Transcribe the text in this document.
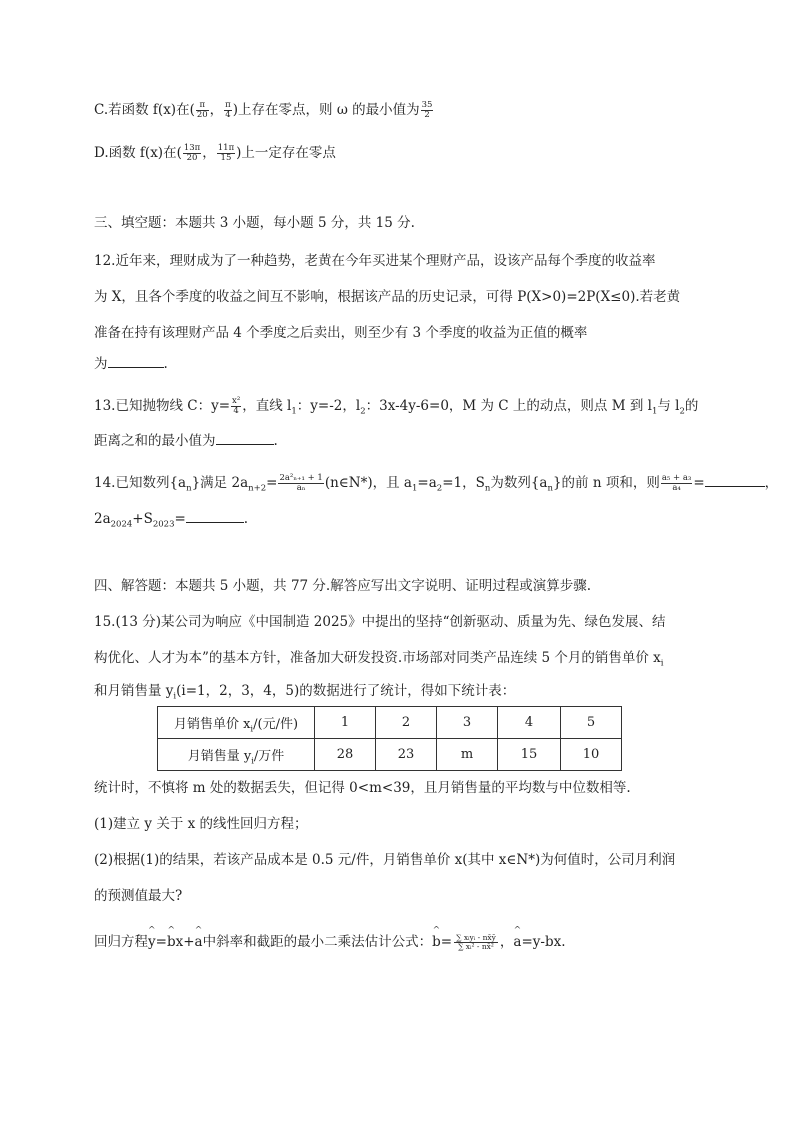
C.若函数 f(x)在( $\frac{\pi}{20}$ ， $\frac{\pi}{4}$ )上存在零点，则 ω 的最小值为 $\frac{35}{2}$
D.函数 f(x)在( $\frac{13\pi}{20}$ ， $\frac{11\pi}{15}$ )上一定存在零点
三、填空题：本题共 3 小题，每小题 5 分，共 15 分.
12.近年来，理财成为了一种趋势，老黄在今年买进某个理财产品，设该产品每个季度的收益率
为 X，且各个季度的收益之间互不影响，根据该产品的历史记录，可得 P(X>0)=2P(X≤0).若老黄
准备在持有该理财产品 4 个季度之后卖出，则至少有 3 个季度的收益为正值的概率
为	.
13.已知抛物线 C：$y= \frac{\text{x²}}{4}$ ，直线 $l_1$：y=-2，$l_2$：3x-4y-6=0，M 为 C 上的动点，则点 M 到 $l_1$与 $l_2$的
距离之和的最小值为	.
14.已知数列$\{a_n\}$满足 $2a_{n+2}= \frac{\text{2a²ₙ₊₁ + 1}}{\text{aₙ}}$ (n∈N*)，且 $a_1=a_2=1$，$S_n$为数列$\{a_n\}$的前 n 项和，则 $\frac{\text{a₅ + a₃}}{\text{a₄}}$ =	，
$2a_{2024}+S_{2023}=$	.
四、解答题：本题共 5 小题，共 77 分.解答应写出文字说明、证明过程或演算步骤.
15.(13 分)某公司为响应《中国制造 2025》中提出的坚持“创新驱动、质量为先、绿色发展、结
构优化、人才为本”的基本方针，准备加大研发投资.市场部对同类产品连续 5 个月的销售单价 $x_i$
和月销售量 $y_i(i=1$，2，3，4，5)的数据进行了统计，得如下统计表：
月销售单价 $x_i/$(元/件)	1	2	3	4	5
月销售量 $y_i/$万件	28	23	m	15	10
统计时，不慎将 m 处的数据丢失，但记得 0<m<39，且月销售量的平均数与中位数相等.
(1)建立 y 关于 x 的线性回归方程；
(2)根据(1)的结果，若该产品成本是 0.5 元/件，月销售单价 x(其中 x∈N*)为何值时，公司月利润
的预测值最大?
回归方程^ y=^ bx+^ a中斜率和截距的最小二乘法估计公式：^ $b= \frac{\text{∑ xᵢyᵢ - nx̄ȳ}}{\text{∑ xᵢ² - nx̄²}}$ ，^ a=y-bx.
